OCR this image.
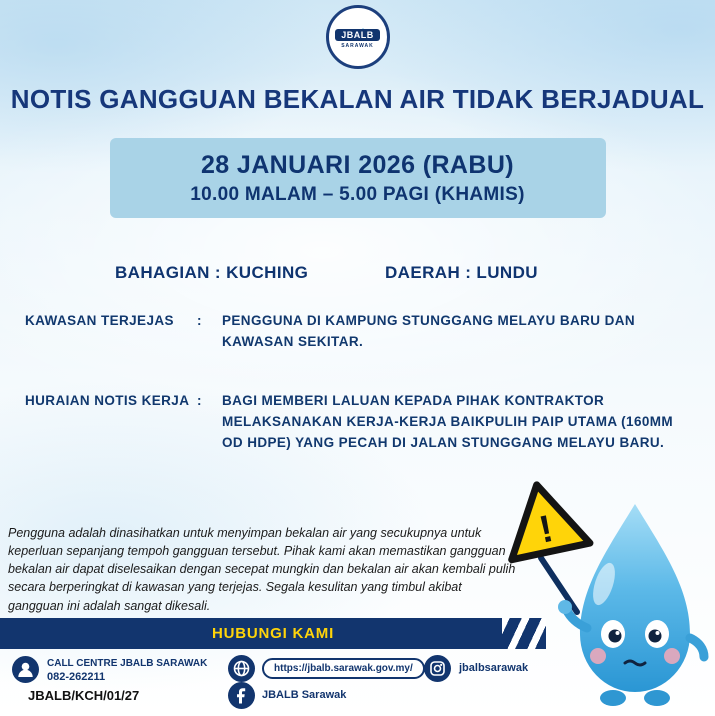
JBALB
SARAWAK
NOTIS GANGGUAN BEKALAN AIR TIDAK BERJADUAL
28 JANUARI 2026 (RABU)
10.00 MALAM – 5.00 PAGI (KHAMIS)
BAHAGIAN : KUCHING	DAERAH : LUNDU
KAWASAN TERJEJAS : PENGGUNA DI KAMPUNG STUNGGANG MELAYU BARU DAN KAWASAN SEKITAR.
HURAIAN NOTIS KERJA : BAGI MEMBERI LALUAN KEPADA PIHAK KONTRAKTOR MELAKSANAKAN KERJA-KERJA BAIKPULIH PAIP UTAMA (160MM OD HDPE) YANG PECAH DI JALAN STUNGGANG MELAYU BARU.

Pengguna adalah dinasihatkan untuk menyimpan bekalan air yang secukupnya untuk keperluan sepanjang tempoh gangguan tersebut. Pihak kami akan memastikan gangguan bekalan air dapat diselesaikan dengan secepat mungkin dan bekalan air akan kembali pulih secara berperingkat di kawasan yang terjejas. Segala kesulitan yang timbul akibat gangguan ini adalah sangat dikesali.

HUBUNGI KAMI
CALL CENTRE JBALB SARAWAK
082-262211
https://jbalb.sarawak.gov.my/	jbalbsarawak
JBALB Sarawak
JBALB/KCH/01/27
!
